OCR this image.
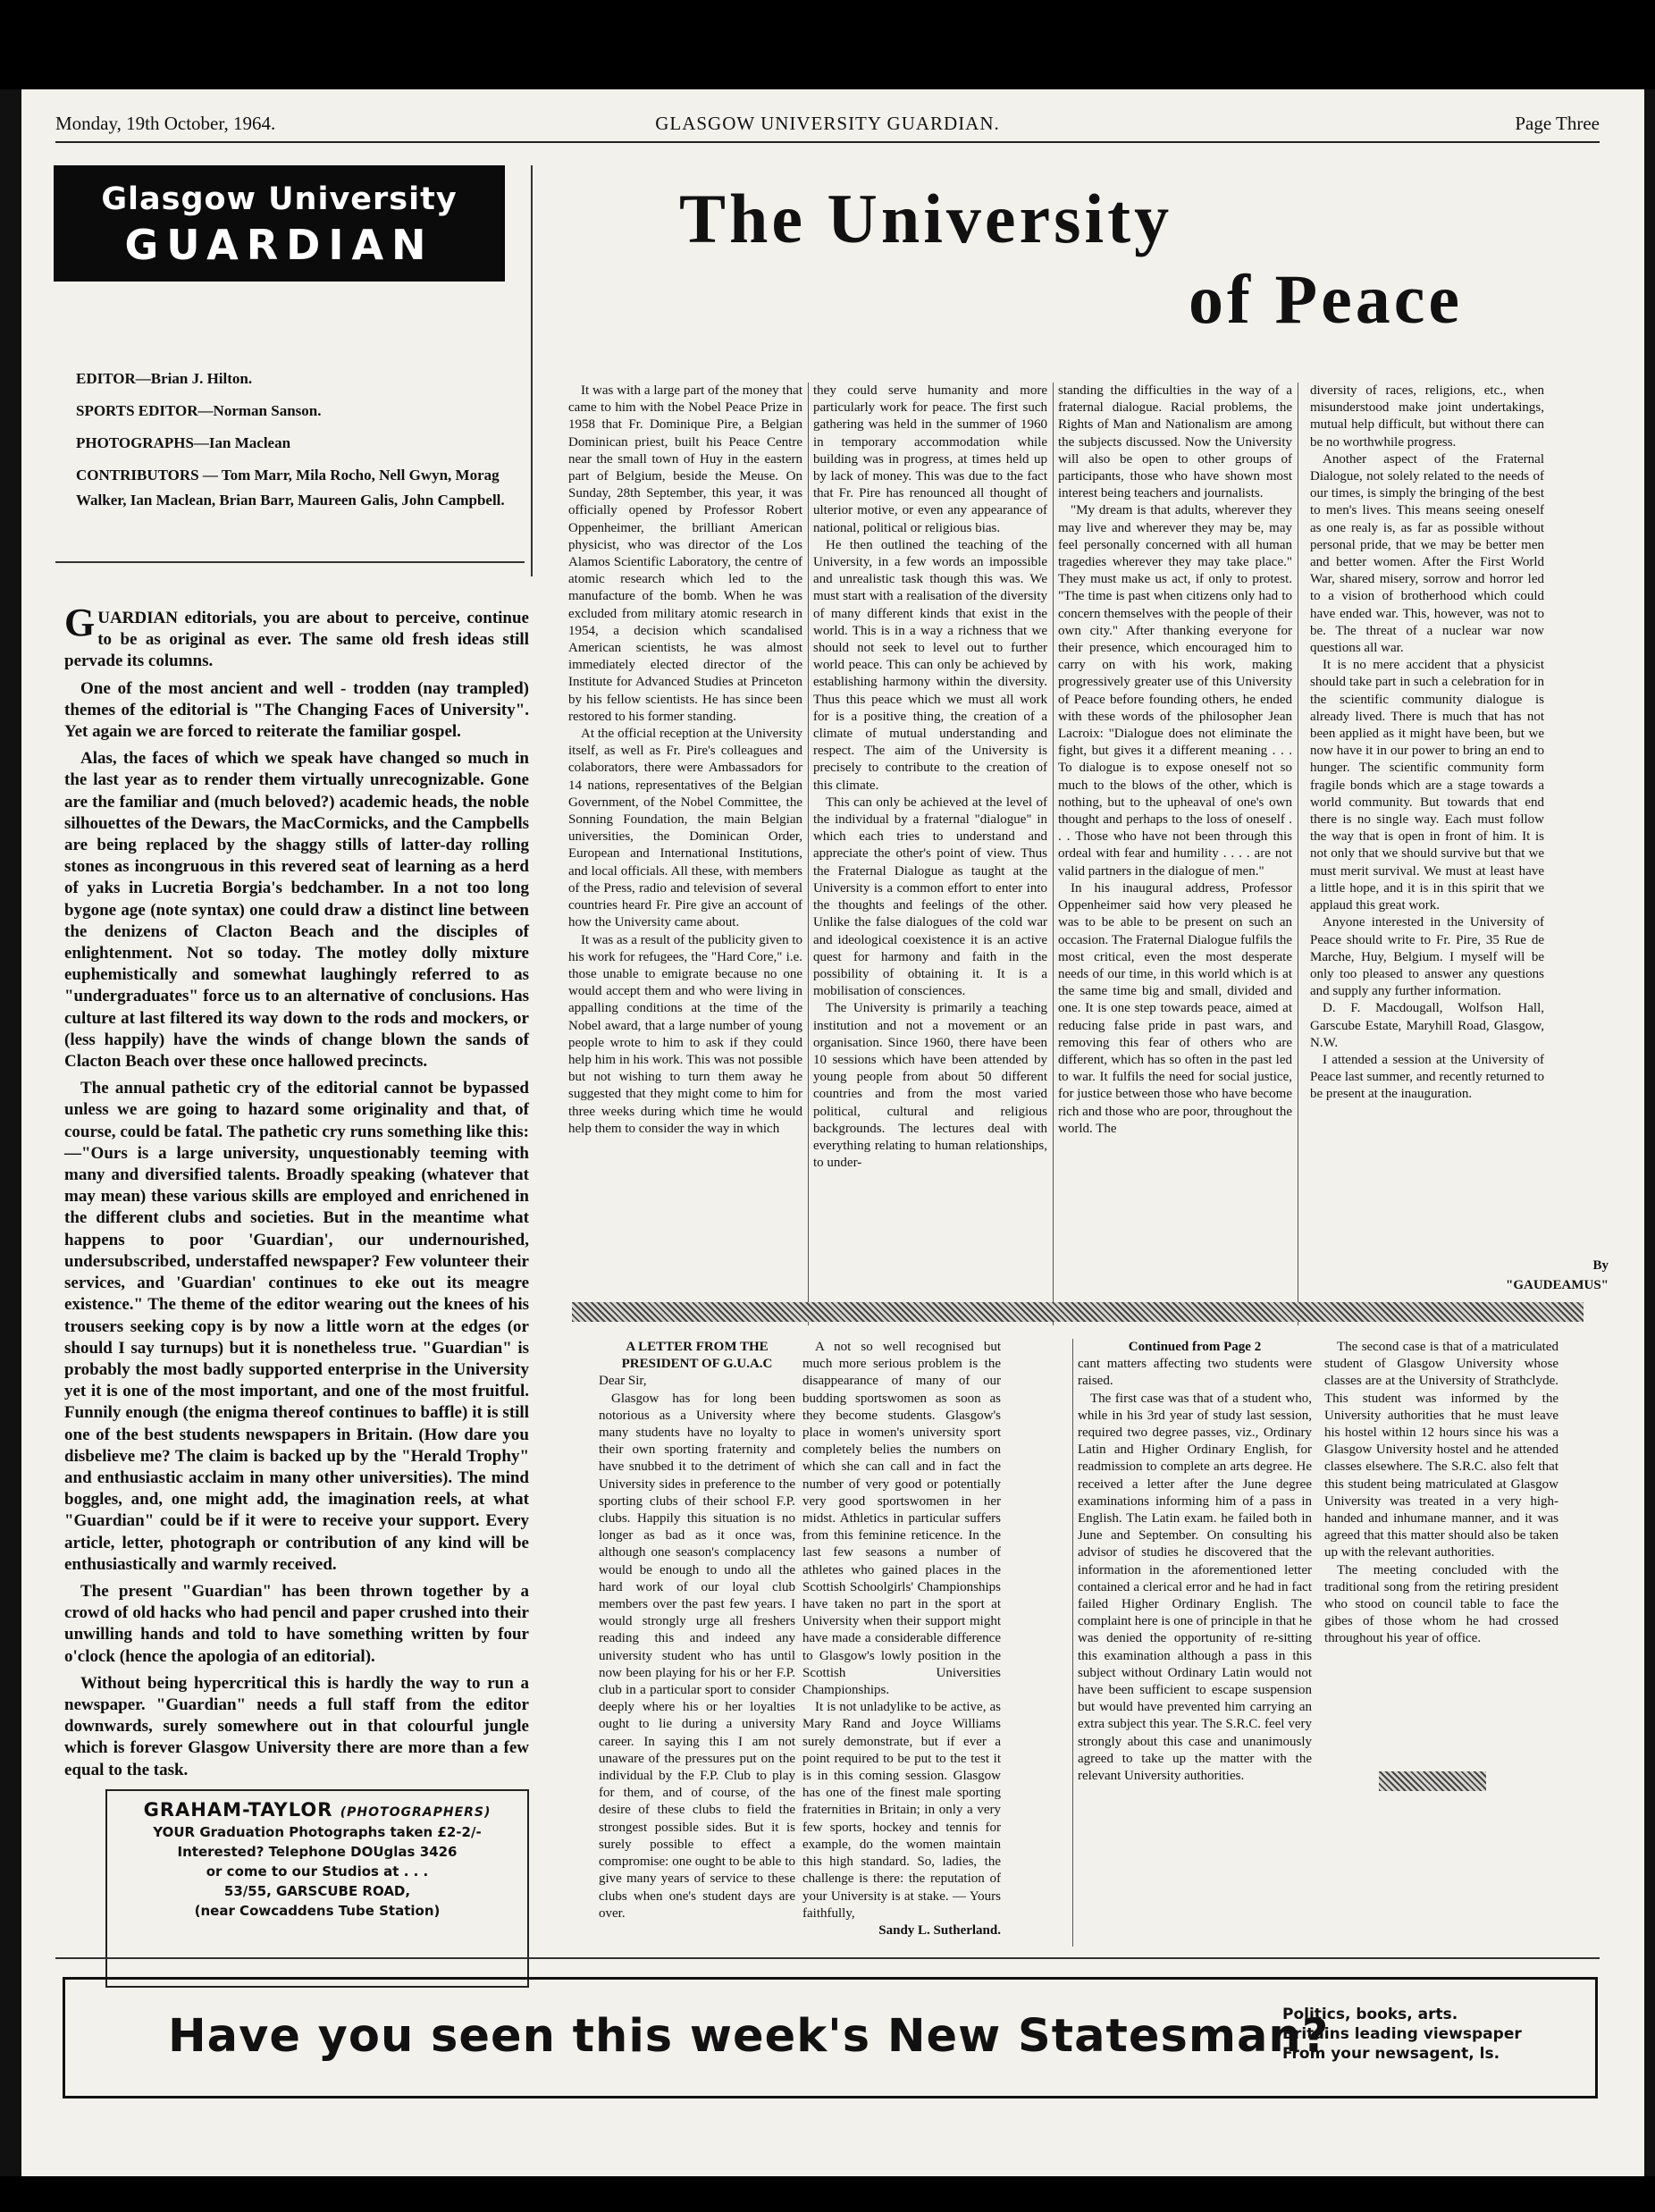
Monday, 19th October, 1964.	GLASGOW UNIVERSITY GUARDIAN.	Page Three
Glasgow University
GUARDIAN	The University
of Peace

EDITOR—Brian J. Hilton.

SPORTS EDITOR—Norman Sanson.

PHOTOGRAPHS—Ian Maclean

CONTRIBUTORS — Tom Marr, Mila Rocho, Nell Gwyn, Morag Walker, Ian Maclean, Brian Barr, Maureen Galis, John Campbell.

GUARDIAN editorials, you are about to perceive, continue to be as original as ever. The same old fresh ideas still pervade its columns.

One of the most ancient and well - trodden (nay trampled) themes of the editorial is "The Changing Faces of University". Yet again we are forced to reiterate the familiar gospel.

Alas, the faces of which we speak have changed so much in the last year as to render them virtually unrecognizable. Gone are the familiar and (much beloved?) academic heads, the noble silhouettes of the Dewars, the MacCormicks, and the Campbells are being replaced by the shaggy stills of latter-day rolling stones as incongruous in this revered seat of learning as a herd of yaks in Lucretia Borgia's bedchamber. In a not too long bygone age (note syntax) one could draw a distinct line between the denizens of Clacton Beach and the disciples of enlightenment. Not so today. The motley dolly mixture euphemistically and somewhat laughingly referred to as "undergraduates" force us to an alternative of conclusions. Has culture at last filtered its way down to the rods and mockers, or (less happily) have the winds of change blown the sands of Clacton Beach over these once hallowed precincts.

The annual pathetic cry of the editorial cannot be bypassed unless we are going to hazard some originality and that, of course, could be fatal. The pathetic cry runs something like this:—"Ours is a large university, unquestionably teeming with many and diversified talents. Broadly speaking (whatever that may mean) these various skills are employed and enrichened in the different clubs and societies. But in the meantime what happens to poor 'Guardian', our undernourished, undersubscribed, understaffed newspaper? Few volunteer their services, and 'Guardian' continues to eke out its meagre existence." The theme of the editor wearing out the knees of his trousers seeking copy is by now a little worn at the edges (or should I say turnups) but it is nonetheless true. "Guardian" is probably the most badly supported enterprise in the University yet it is one of the most important, and one of the most fruitful. Funnily enough (the enigma thereof continues to baffle) it is still one of the best students newspapers in Britain. (How dare you disbelieve me? The claim is backed up by the "Herald Trophy" and enthusiastic acclaim in many other universities). The mind boggles, and, one might add, the imagination reels, at what "Guardian" could be if it were to receive your support. Every article, letter, photograph or contribution of any kind will be enthusiastically and warmly received.

The present "Guardian" has been thrown together by a crowd of old hacks who had pencil and paper crushed into their unwilling hands and told to have something written by four o'clock (hence the apologia of an editorial).

Without being hypercritical this is hardly the way to run a newspaper. "Guardian" needs a full staff from the editor downwards, surely somewhere out in that colourful jungle which is forever Glasgow University there are more than a few equal to the task.

It was with a large part of the money that came to him with the Nobel Peace Prize in 1958 that Fr. Dominique Pire, a Belgian Dominican priest, built his Peace Centre near the small town of Huy in the eastern part of Belgium, beside the Meuse. On Sunday, 28th September, this year, it was officially opened by Professor Robert Oppenheimer, the brilliant American physicist, who was director of the Los Alamos Scientific Laboratory, the centre of atomic research which led to the manufacture of the bomb. When he was excluded from military atomic research in 1954, a decision which scandalised American scientists, he was almost immediately elected director of the Institute for Advanced Studies at Princeton by his fellow scientists. He has since been restored to his former standing.

At the official reception at the University itself, as well as Fr. Pire's colleagues and colaborators, there were Ambassadors for 14 nations, representatives of the Belgian Government, of the Nobel Committee, the Sonning Foundation, the main Belgian universities, the Dominican Order, European and International Institutions, and local officials. All these, with members of the Press, radio and television of several countries heard Fr. Pire give an account of how the University came about.

It was as a result of the publicity given to his work for refugees, the "Hard Core," i.e. those unable to emigrate because no one would accept them and who were living in appalling conditions at the time of the Nobel award, that a large number of young people wrote to him to ask if they could help him in his work. This was not possible but not wishing to turn them away he suggested that they might come to him for three weeks during which time he would help them to consider the way in which

they could serve humanity and more particularly work for peace. The first such gathering was held in the summer of 1960 in temporary accommodation while building was in progress, at times held up by lack of money. This was due to the fact that Fr. Pire has renounced all thought of ulterior motive, or even any appearance of national, political or religious bias.

He then outlined the teaching of the University, in a few words an impossible and unrealistic task though this was. We must start with a realisation of the diversity of many different kinds that exist in the world. This is in a way a richness that we should not seek to level out to further world peace. This can only be achieved by establishing harmony within the diversity. Thus this peace which we must all work for is a positive thing, the creation of a climate of mutual understanding and respect. The aim of the University is precisely to contribute to the creation of this climate.

This can only be achieved at the level of the individual by a fraternal "dialogue" in which each tries to understand and appreciate the other's point of view. Thus the Fraternal Dialogue as taught at the University is a common effort to enter into the thoughts and feelings of the other. Unlike the false dialogues of the cold war and ideological coexistence it is an active quest for harmony and faith in the possibility of obtaining it. It is a mobilisation of consciences.

The University is primarily a teaching institution and not a movement or an organisation. Since 1960, there have been 10 sessions which have been attended by young people from about 50 different countries and from the most varied political, cultural and religious backgrounds. The lectures deal with everything relating to human relationships, to under-

standing the difficulties in the way of a fraternal dialogue. Racial problems, the Rights of Man and Nationalism are among the subjects discussed. Now the University will also be open to other groups of participants, those who have shown most interest being teachers and journalists.

"My dream is that adults, wherever they may live and wherever they may be, may feel personally concerned with all human tragedies wherever they may take place." They must make us act, if only to protest. "The time is past when citizens only had to concern themselves with the people of their own city." After thanking everyone for their presence, which encouraged him to carry on with his work, making progressively greater use of this University of Peace before founding others, he ended with these words of the philosopher Jean Lacroix: "Dialogue does not eliminate the fight, but gives it a different meaning . . . To dialogue is to expose oneself not so much to the blows of the other, which is nothing, but to the upheaval of one's own thought and perhaps to the loss of oneself . . . Those who have not been through this ordeal with fear and humility . . . . are not valid partners in the dialogue of men."

In his inaugural address, Professor Oppenheimer said how very pleased he was to be able to be present on such an occasion. The Fraternal Dialogue fulfils the most critical, even the most desperate needs of our time, in this world which is at the same time big and small, divided and one. It is one step towards peace, aimed at reducing false pride in past wars, and removing this fear of others who are different, which has so often in the past led to war. It fulfils the need for social justice, for justice between those who have become rich and those who are poor, throughout the world. The

diversity of races, religions, etc., when misunderstood make joint undertakings, mutual help difficult, but without there can be no worthwhile progress.

Another aspect of the Fraternal Dialogue, not solely related to the needs of our times, is simply the bringing of the best to men's lives. This means seeing oneself as one realy is, as far as possible without personal pride, that we may be better men and better women. After the First World War, shared misery, sorrow and horror led to a vision of brotherhood which could have ended war. This, however, was not to be. The threat of a nuclear war now questions all war.

It is no mere accident that a physicist should take part in such a celebration for in the scientific community dialogue is already lived. There is much that has not been applied as it might have been, but we now have it in our power to bring an end to hunger. The scientific community form fragile bonds which are a stage towards a world community. But towards that end there is no single way. Each must follow the way that is open in front of him. It is not only that we should survive but that we must merit survival. We must at least have a little hope, and it is in this spirit that we applaud this great work.

Anyone interested in the University of Peace should write to Fr. Pire, 35 Rue de Marche, Huy, Belgium. I myself will be only too pleased to answer any questions and supply any further information.

D. F. Macdougall, Wolfson Hall, Garscube Estate, Maryhill Road, Glasgow, N.W.

I attended a session at the University of Peace last summer, and recently returned to be present at the inauguration.

By
"GAUDEAMUS"
A LETTER FROM THE PRESIDENT OF G.U.A.C

Dear Sir,

Glasgow has for long been notorious as a University where many students have no loyalty to their own sporting fraternity and have snubbed it to the detriment of University sides in preference to the sporting clubs of their school F.P. clubs. Happily this situation is no longer as bad as it once was, although one season's complacency would be enough to undo all the hard work of our loyal club members over the past few years. I would strongly urge all freshers reading this and indeed any university student who has until now been playing for his or her F.P. club in a particular sport to consider deeply where his or her loyalties ought to lie during a university career. In saying this I am not unaware of the pressures put on the individual by the F.P. Club to play for them, and of course, of the desire of these clubs to field the strongest possible sides. But it is surely possible to effect a compromise: one ought to be able to give many years of service to these clubs when one's student days are over.

A not so well recognised but much more serious problem is the disappearance of many of our budding sportswomen as soon as they become students. Glasgow's place in women's university sport completely belies the numbers on which she can call and in fact the number of very good or potentially very good sportswomen in her midst. Athletics in particular suffers from this feminine reticence. In the last few seasons a number of athletes who gained places in the Scottish Schoolgirls' Championships have taken no part in the sport at University when their support might have made a considerable difference to Glasgow's lowly position in the Scottish Universities Championships.

It is not unladylike to be active, as Mary Rand and Joyce Williams surely demonstrate, but if ever a point required to be put to the test it is in this coming session. Glasgow has one of the finest male sporting fraternities in Britain; in only a very few sports, hockey and tennis for example, do the women maintain this high standard. So, ladies, the challenge is there: the reputation of your University is at stake. — Yours faithfully,

Sandy L. Sutherland.

Continued from Page 2

cant matters affecting two students were raised.

The first case was that of a student who, while in his 3rd year of study last session, required two degree passes, viz., Ordinary Latin and Higher Ordinary English, for readmission to complete an arts degree. He received a letter after the June degree examinations informing him of a pass in English. The Latin exam. he failed both in June and September. On consulting his advisor of studies he discovered that the information in the aforementioned letter contained a clerical error and he had in fact failed Higher Ordinary English. The complaint here is one of principle in that he was denied the opportunity of re-sitting this examination although a pass in this subject without Ordinary Latin would not have been sufficient to escape suspension but would have prevented him carrying an extra subject this year. The S.R.C. feel very strongly about this case and unanimously agreed to take up the matter with the relevant University authorities.

The second case is that of a matriculated student of Glasgow University whose classes are at the University of Strathclyde. This student was informed by the University authorities that he must leave his hostel within 12 hours since his was a Glasgow University hostel and he attended classes elsewhere. The S.R.C. also felt that this student being matriculated at Glasgow University was treated in a very high-handed and inhumane manner, and it was agreed that this matter should also be taken up with the relevant authorities.

The meeting concluded with the traditional song from the retiring president who stood on council table to face the gibes of those whom he had crossed throughout his year of office.

GRAHAM-TAYLOR (PHOTOGRAPHERS)
YOUR Graduation Photographs taken £2-2/-
Interested? Telephone DOUglas 3426
or come to our Studios at . . .
53/55, GARSCUBE ROAD,
(near Cowcaddens Tube Station)
Have you seen this week's New Statesman?
Politics, books, arts.
Britains leading viewspaper
From your newsagent, ls.
